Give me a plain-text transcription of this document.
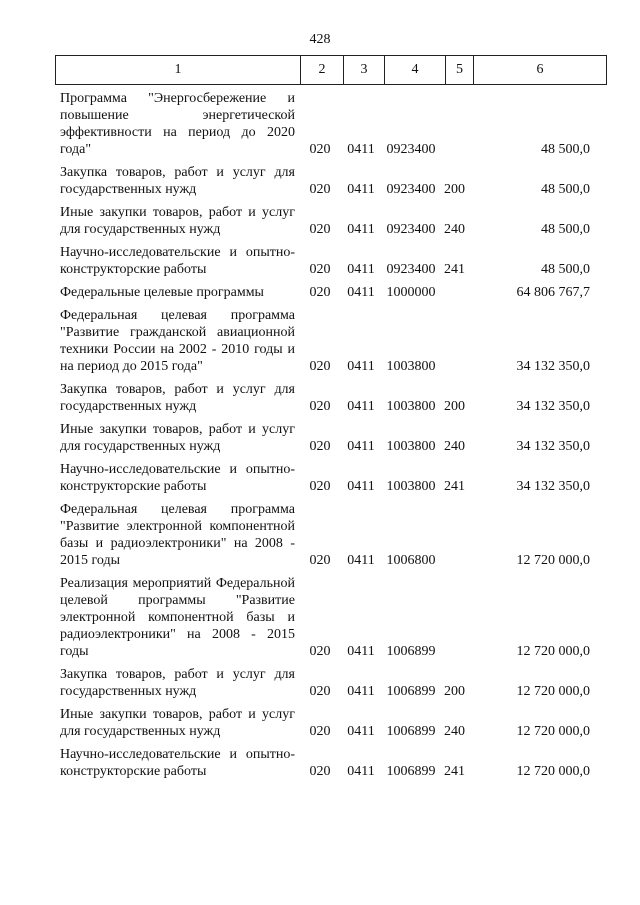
428
1	2	3	4	5	6
Программа "Энергосбережение и повышение энергетической эффективности на период до 2020 года"	020	0411	0923400		48 500,0
Закупка товаров, работ и услуг для государственных нужд	020	0411	0923400	200	48 500,0
Иные закупки товаров, работ и услуг для государственных нужд	020	0411	0923400	240	48 500,0
Научно-исследовательские и опытно-конструкторские работы	020	0411	0923400	241	48 500,0
Федеральные целевые программы	020	0411	1000000		64 806 767,7
Федеральная целевая программа "Развитие гражданской авиационной техники России на 2002 - 2010 годы и на период до 2015 года"	020	0411	1003800		34 132 350,0
Закупка товаров, работ и услуг для государственных нужд	020	0411	1003800	200	34 132 350,0
Иные закупки товаров, работ и услуг для государственных нужд	020	0411	1003800	240	34 132 350,0
Научно-исследовательские и опытно-конструкторские работы	020	0411	1003800	241	34 132 350,0
Федеральная целевая программа "Развитие электронной компонентной базы и радиоэлектроники" на 2008 - 2015 годы	020	0411	1006800		12 720 000,0
Реализация мероприятий Федеральной целевой программы "Развитие электронной компонентной базы и радиоэлектроники" на 2008 - 2015 годы	020	0411	1006899		12 720 000,0
Закупка товаров, работ и услуг для государственных нужд	020	0411	1006899	200	12 720 000,0
Иные закупки товаров, работ и услуг для государственных нужд	020	0411	1006899	240	12 720 000,0
Научно-исследовательские и опытно-конструкторские работы	020	0411	1006899	241	12 720 000,0
